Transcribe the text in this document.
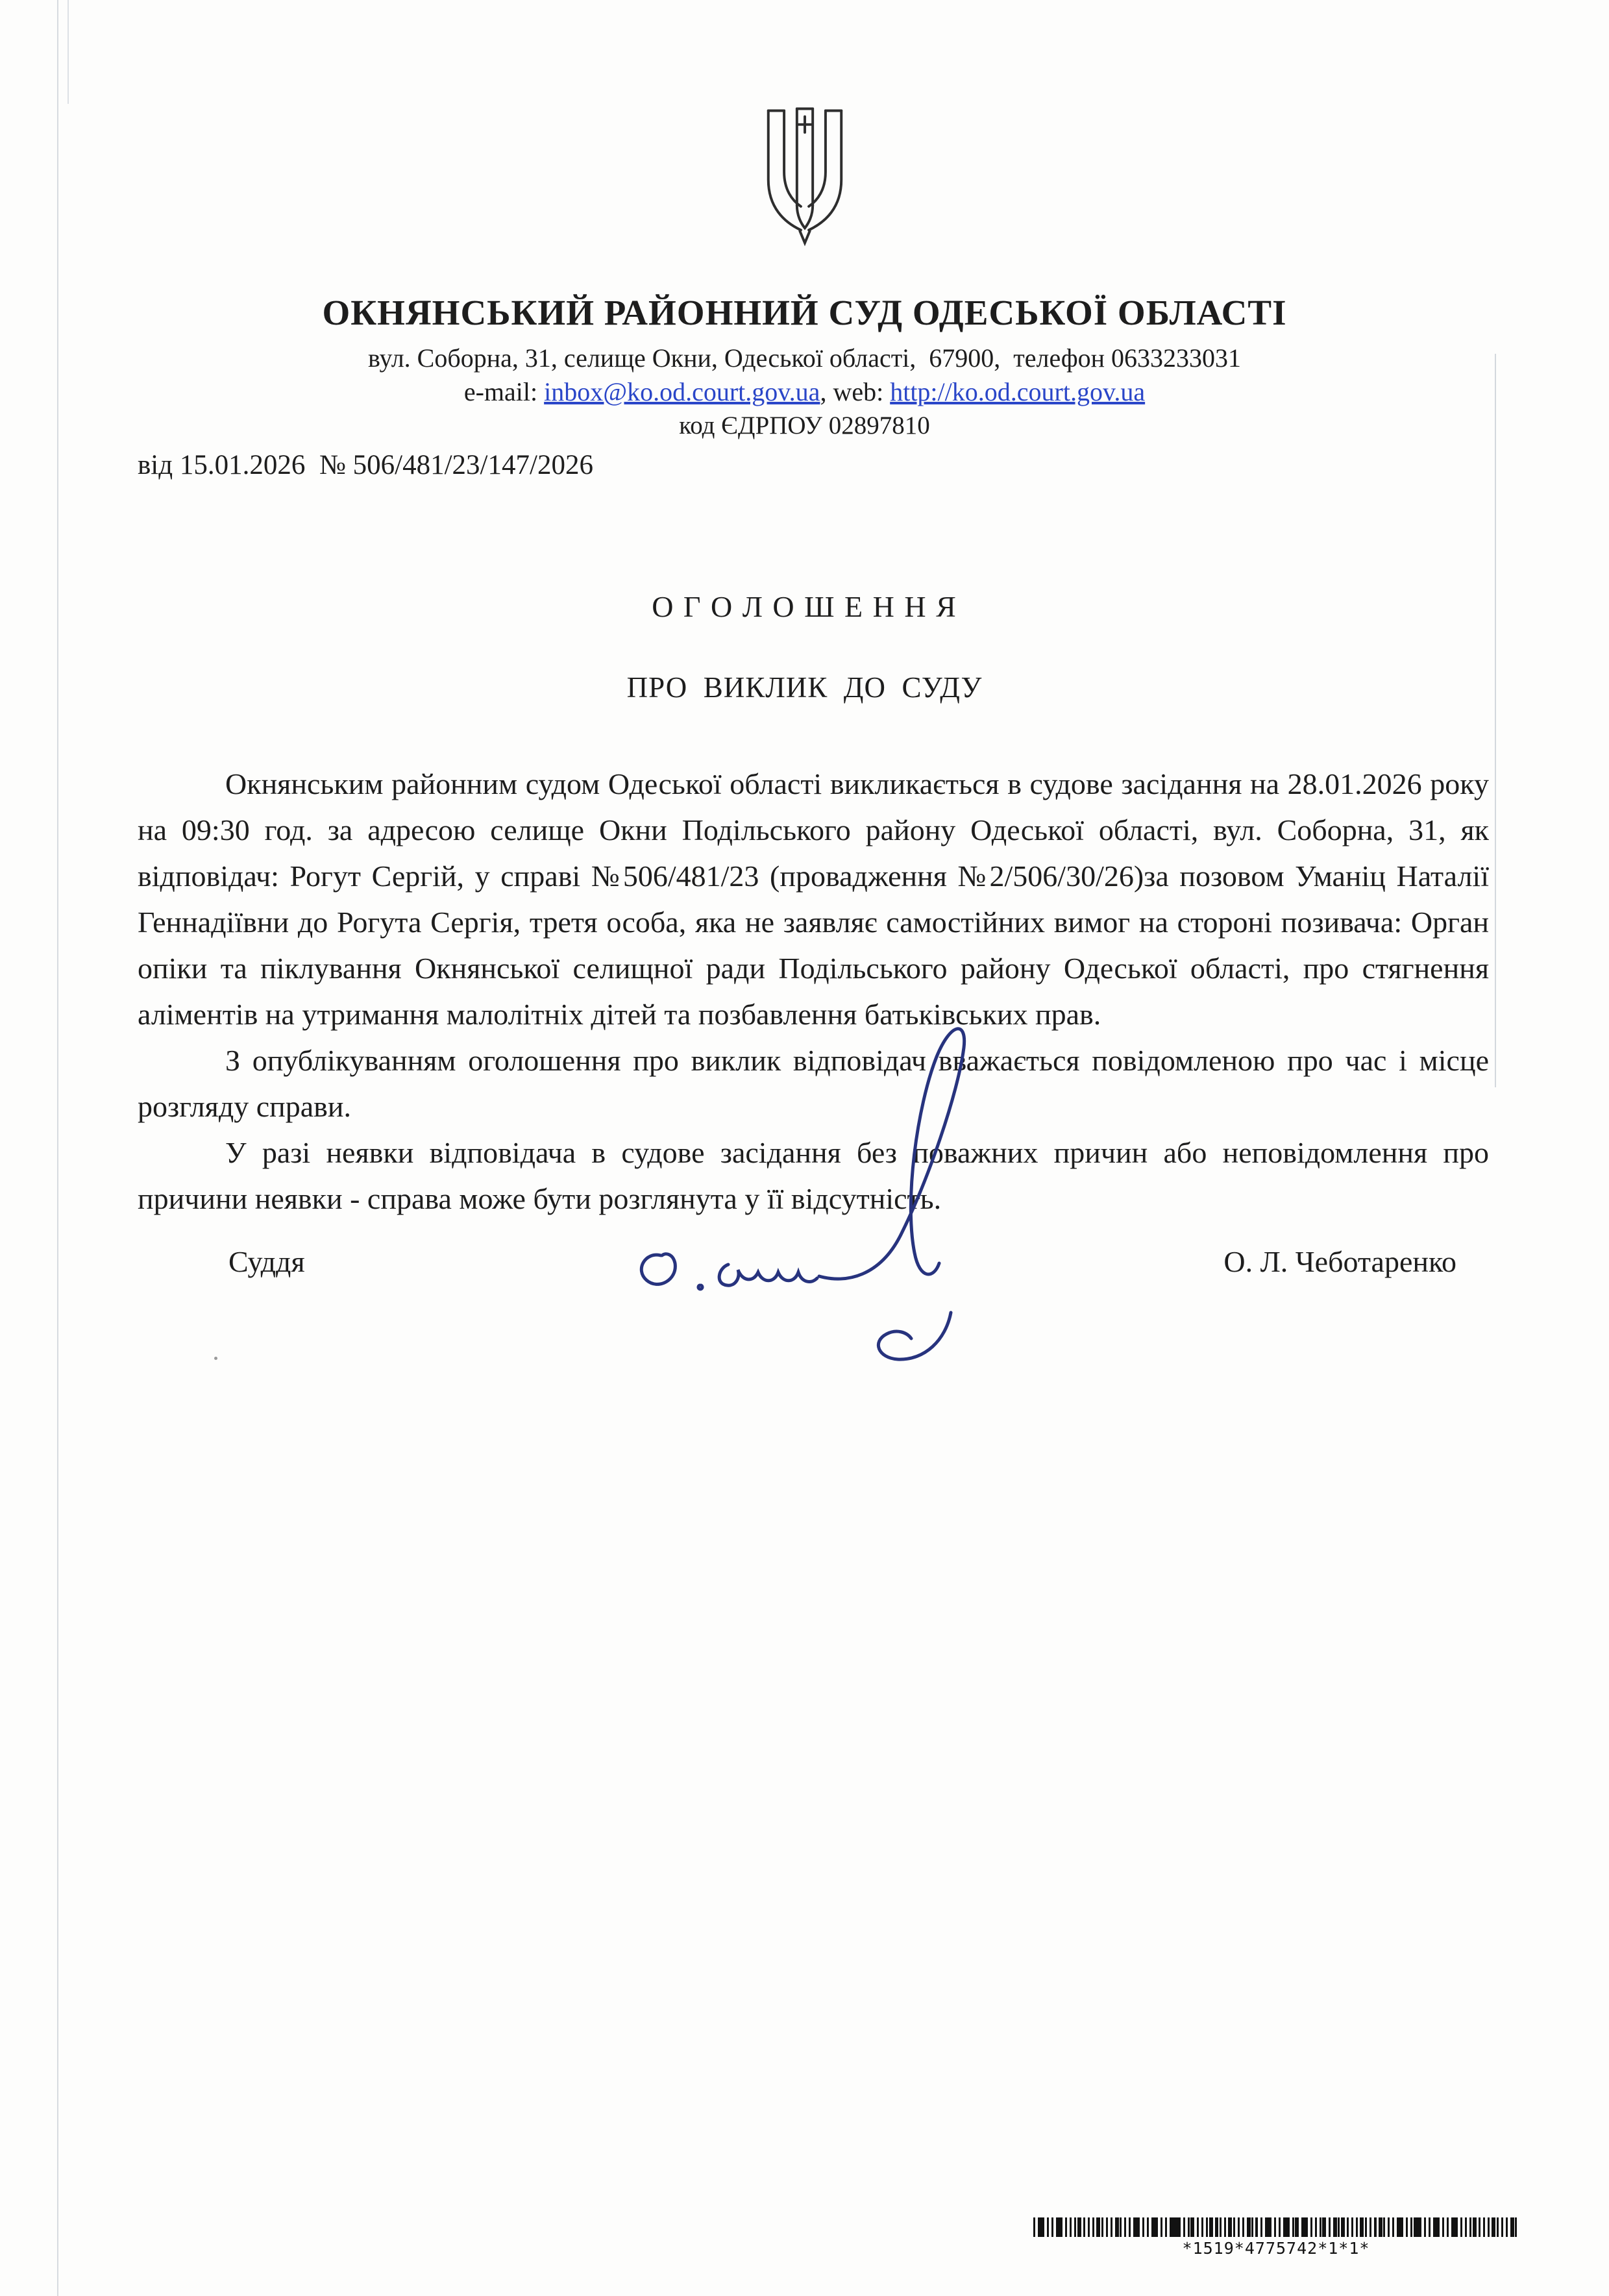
ОКНЯНСЬКИЙ РАЙОННИЙ СУД ОДЕСЬКОЇ ОБЛАСТІ
вул. Соборна, 31, селище Окни, Одеської області,  67900,  телефон 0633233031
e-mail: inbox@ko.od.court.gov.ua, web: http://ko.od.court.gov.ua
код ЄДРПОУ 02897810
від 15.01.2026  № 506/481/23/147/2026
О Г О Л О Ш Е Н Н Я
ПРО  ВИКЛИК  ДО  СУДУ

Окнянським районним судом Одеської області викликається в судове засідання на 28.01.2026 року на 09:30 год. за адресою селище Окни Подільського району Одеської області, вул. Соборна, 31, як відповідач: Рогут Сергій, у справі №506/481/23 (провадження №2/506/30/26)за позовом Уманіц Наталії Геннадіївни до Рогута Сергія, третя особа, яка не заявляє самостійних вимог на стороні позивача: Орган опіки та піклування Окнянської селищної ради Подільського району Одеської області, про стягнення аліментів на утримання малолітніх дітей та позбавлення батьківських прав.

З опублікуванням оголошення про виклик відповідач вважається повідомленою про час і місце розгляду справи.

У разі неявки відповідача в судове засідання без поважних причин або неповідомлення про причини неявки - справа може бути розглянута у її відсутність.

Суддя	О. Л. Чеботаренко
*1519*4775742*1*1*
